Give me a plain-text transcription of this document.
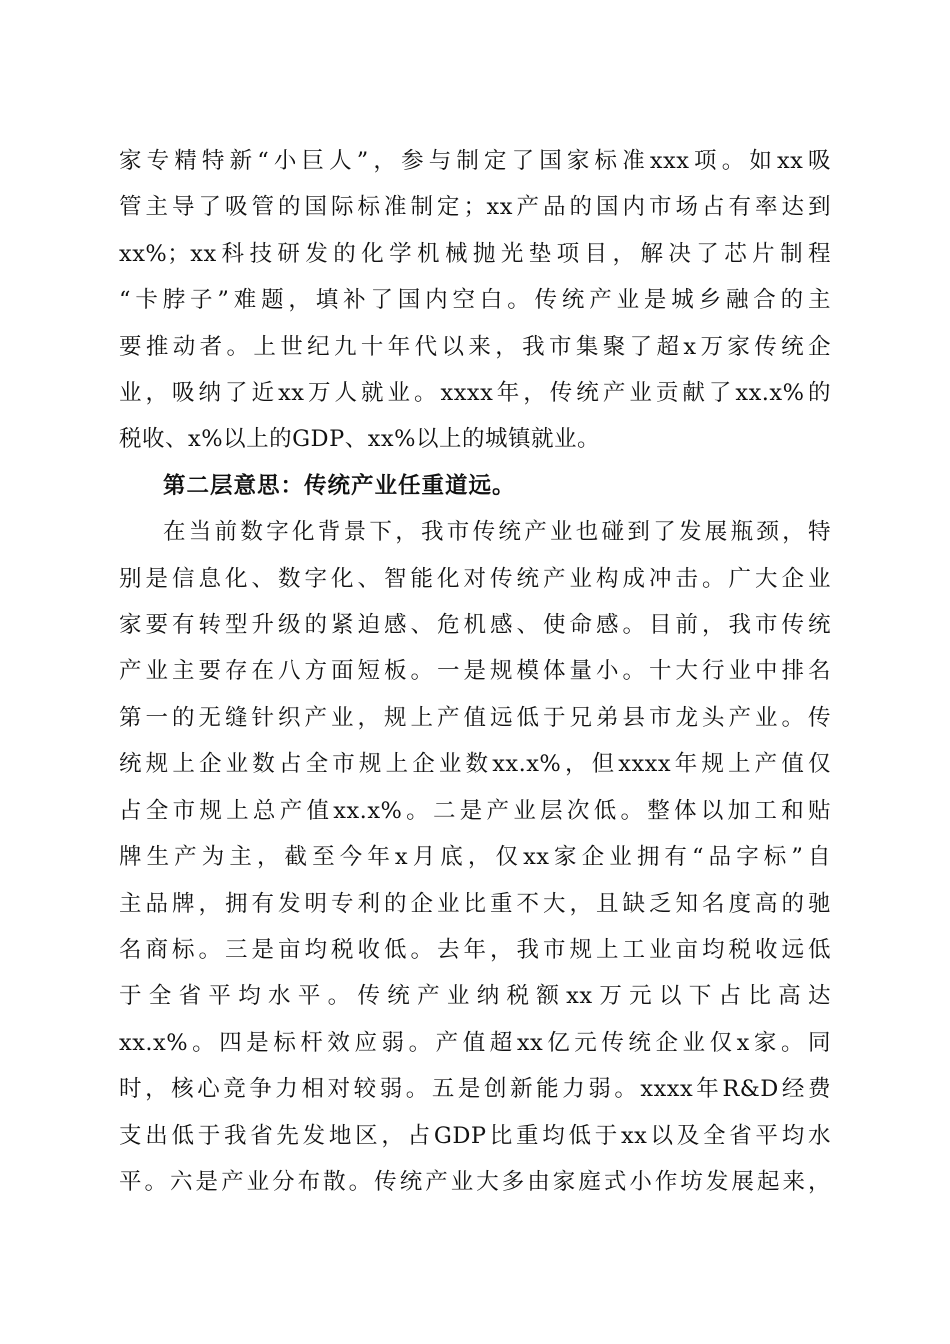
家专精特新“小巨人”，参与制定了国家标准xxx项。如xx吸
管主导了吸管的国际标准制定；xx产品的国内市场占有率达到
xx%；xx科技研发的化学机械抛光垫项目，解决了芯片制程
“卡脖子”难题，填补了国内空白。传统产业是城乡融合的主
要推动者。上世纪九十年代以来，我市集聚了超x万家传统企
业，吸纳了近xx万人就业。xxxx年，传统产业贡献了xx.x%的
税收、x%以上的GDP、xx%以上的城镇就业。
第二层意思：传统产业任重道远。
在当前数字化背景下，我市传统产业也碰到了发展瓶颈，特
别是信息化、数字化、智能化对传统产业构成冲击。广大企业
家要有转型升级的紧迫感、危机感、使命感。目前，我市传统
产业主要存在八方面短板。一是规模体量小。十大行业中排名
第一的无缝针织产业，规上产值远低于兄弟县市龙头产业。传
统规上企业数占全市规上企业数xx.x%，但xxxx年规上产值仅
占全市规上总产值xx.x%。二是产业层次低。整体以加工和贴
牌生产为主，截至今年x月底，仅xx家企业拥有“品字标”自
主品牌，拥有发明专利的企业比重不大，且缺乏知名度高的驰
名商标。三是亩均税收低。去年，我市规上工业亩均税收远低
于全省平均水平。传统产业纳税额xx万元以下占比高达
xx.x%。四是标杆效应弱。产值超xx亿元传统企业仅x家。同
时，核心竞争力相对较弱。五是创新能力弱。xxxx年R&D经费
支出低于我省先发地区，占GDP比重均低于xx以及全省平均水
平。六是产业分布散。传统产业大多由家庭式小作坊发展起来，
